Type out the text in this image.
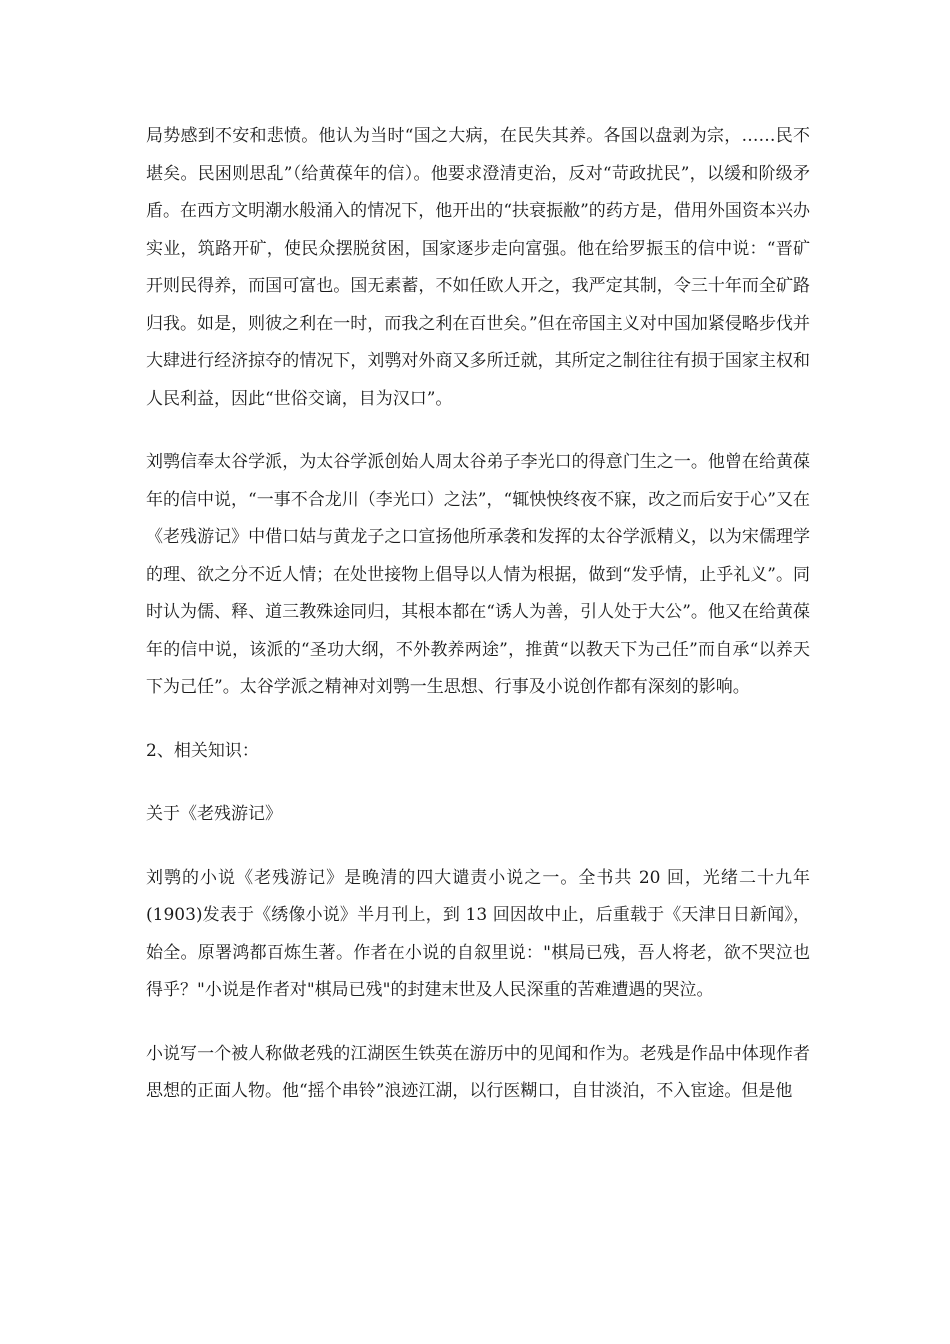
局势感到不安和悲愤。他认为当时“国之大病，在民失其养。各国以盘剥为宗，……民不堪矣。民困则思乱”（给黄葆年的信）。他要求澄清吏治，反对“苛政扰民”，以缓和阶级矛盾。在西方文明潮水般涌入的情况下，他开出的“扶衰振敝”的药方是，借用外国资本兴办实业，筑路开矿，使民众摆脱贫困，国家逐步走向富强。他在给罗振玉的信中说：“晋矿开则民得养，而国可富也。国无素蓄，不如任欧人开之，我严定其制，令三十年而全矿路归我。如是，则彼之利在一时，而我之利在百世矣。”但在帝国主义对中国加紧侵略步伐并大肆进行经济掠夺的情况下，刘鹗对外商又多所迁就，其所定之制往往有损于国家主权和人民利益，因此“世俗交谪，目为汉口”。

刘鹗信奉太谷学派，为太谷学派创始人周太谷弟子李光口的得意门生之一。他曾在给黄葆年的信中说，“一事不合龙川（李光口）之法”，“辄怏怏终夜不寐，改之而后安于心”又在《老残游记》中借口姑与黄龙子之口宣扬他所承袭和发挥的太谷学派精义，以为宋儒理学的理、欲之分不近人情；在处世接物上倡导以人情为根据，做到“发乎情，止乎礼义”。同时认为儒、释、道三教殊途同归，其根本都在“诱人为善，引人处于大公”。他又在给黄葆年的信中说，该派的“圣功大纲，不外教养两途”，推黄“以教天下为己任”而自承“以养天下为己任”。太谷学派之精神对刘鹗一生思想、行事及小说创作都有深刻的影响。

2、相关知识：

关于《老残游记》

刘鹗的小说《老残游记》是晚清的四大谴责小说之一。全书共 20 回，光绪二十九年(1903)发表于《绣像小说》半月刊上，到 13 回因故中止，后重载于《天津日日新闻》，始全。原署鸿都百炼生著。作者在小说的自叙里说："棋局已残，吾人将老，欲不哭泣也得乎？"小说是作者对"棋局已残"的封建末世及人民深重的苦难遭遇的哭泣。

小说写一个被人称做老残的江湖医生铁英在游历中的见闻和作为。老残是作品中体现作者思想的正面人物。他“摇个串铃”浪迹江湖，以行医糊口，自甘淡泊，不入宦途。但是他
